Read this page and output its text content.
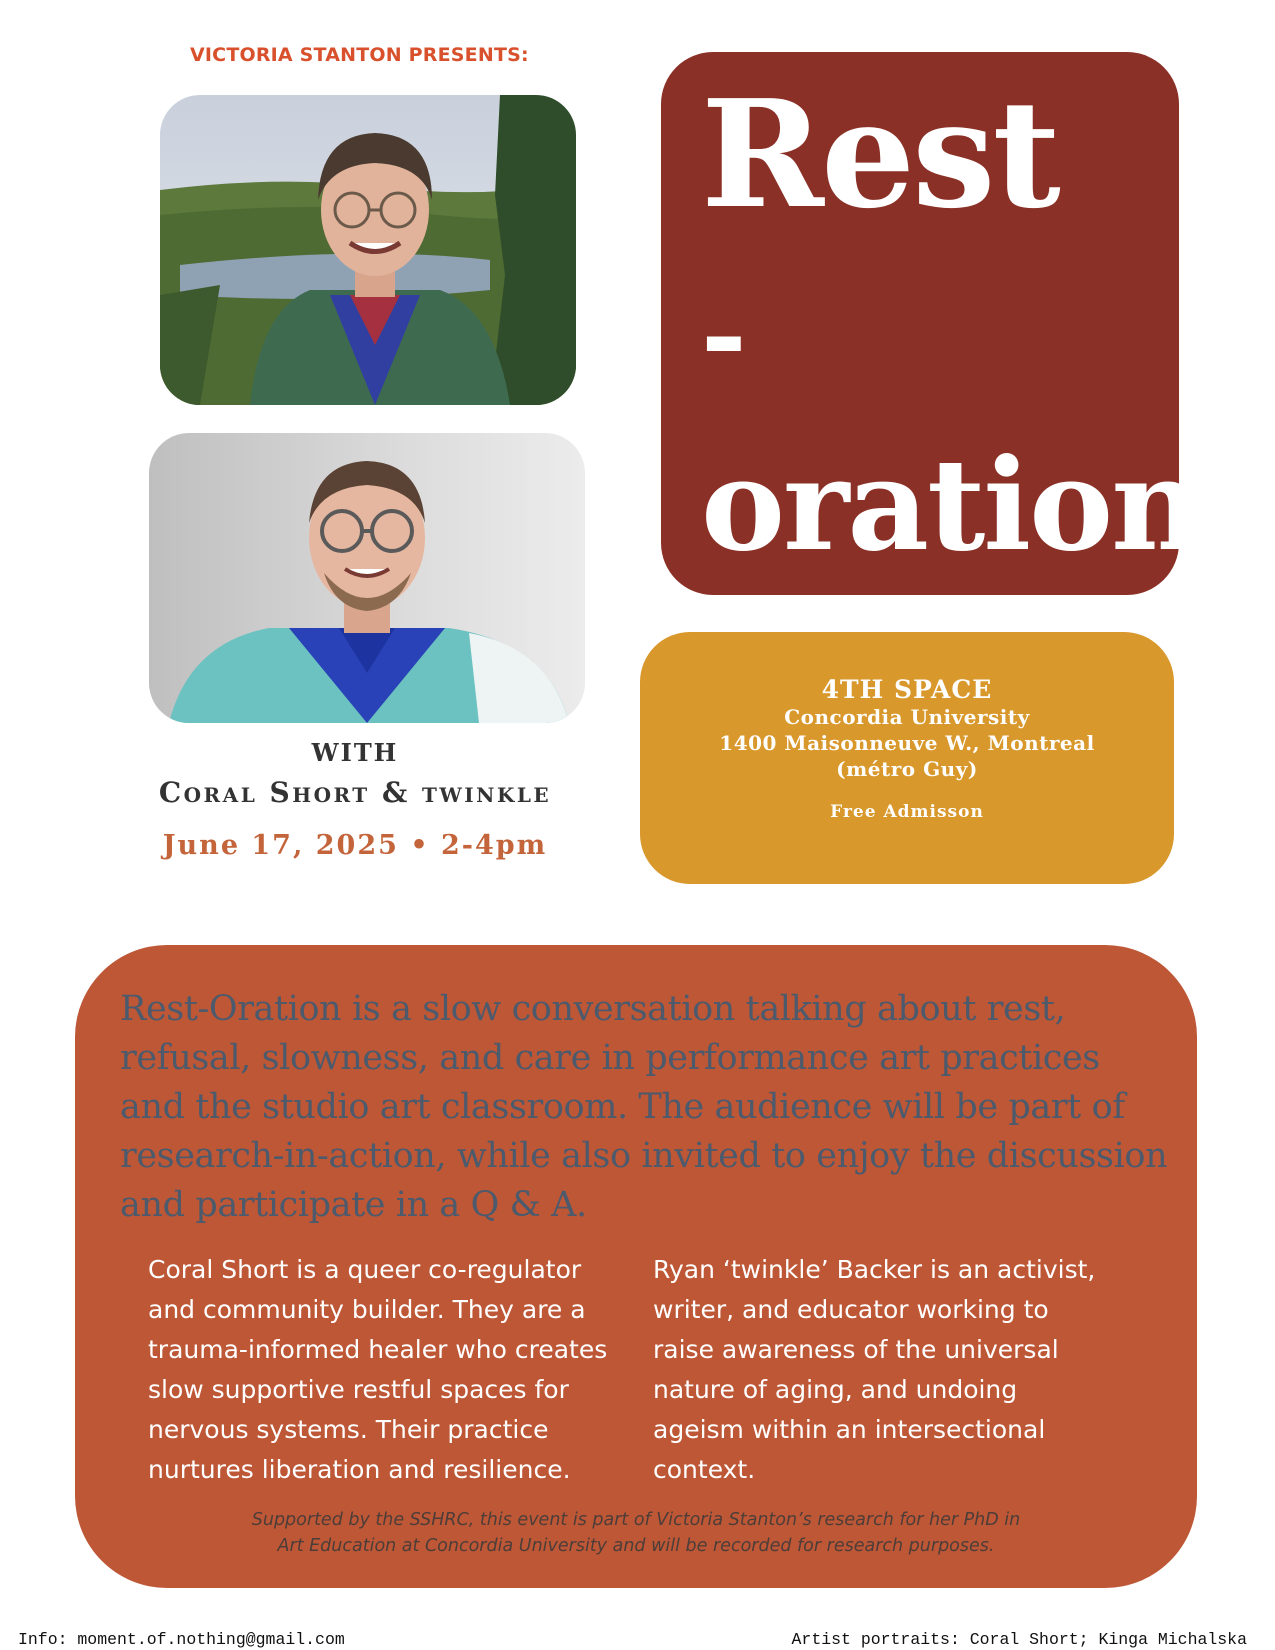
VICTORIA STANTON PRESENTS:
WITH
Coral Short & twinkle
June 17, 2025 • 2-4pm
Rest
-
oration
4TH SPACE
Concordia University
1400 Maisonneuve W., Montreal
(métro Guy)
Free Admisson
Rest-Oration is a slow conversation talking about rest, refusal, slowness, and care in performance art practices and the studio art classroom. The audience will be part of research-in-action, while also invited to enjoy the discussion and participate in a Q & A.
Coral Short is a queer co-regulator and community builder. They are a trauma-informed healer who creates slow supportive restful spaces for nervous systems. Their practice nurtures liberation and resilience.
Ryan ‘twinkle’ Backer is an activist, writer, and educator working to raise awareness of the universal nature of aging, and undoing ageism within an intersectional context.
Supported by the SSHRC, this event is part of Victoria Stanton’s research for her PhD in
Art Education at Concordia University and will be recorded for research purposes.
Info: moment.of.nothing@gmail.com	Artist portraits: Coral Short; Kinga Michalska
